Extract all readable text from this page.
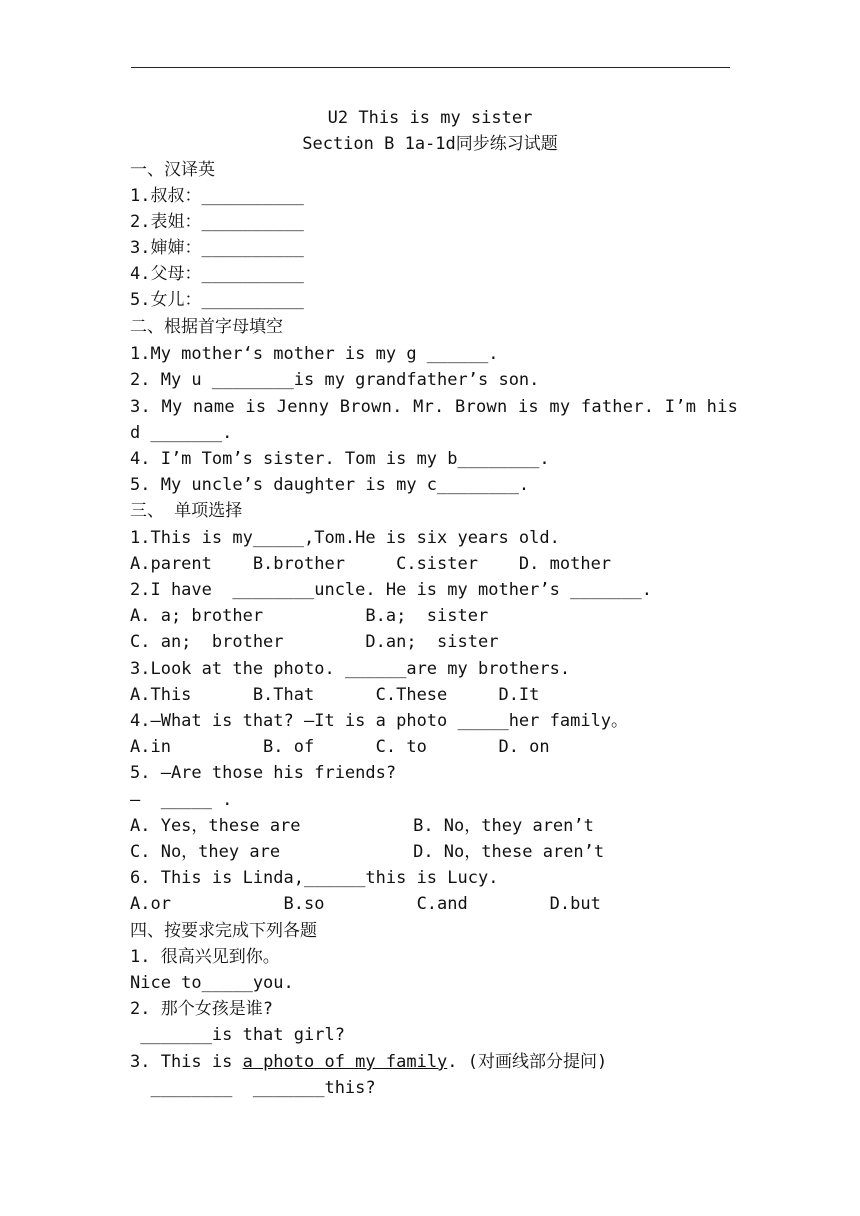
U2 This is my sister
Section B 1a-1d同步练习试题
一、汉译英
1.叔叔：__________
2.表姐：__________
3.婶婶：__________
4.父母：__________
5.女儿：__________
二、根据首字母填空
1.My mother‘s mother is my g ______.
2. My u ________is my grandfather’s son.
3. My name is Jenny Brown. Mr. Brown is my father. I’m his
d _______.
4. I’m Tom’s sister. Tom is my b________.
5. My uncle’s daughter is my c________.
三、 单项选择
1.This is my_____,Tom.He is six years old.
A.parent    B.brother     C.sister    D. mother
2.I have  ________uncle. He is my mother’s _______.
A. a; brother          B.a;  sister
C. an;  brother        D.an;  sister
3.Look at the photo. ______are my brothers.
A.This      B.That      C.These     D.It
4.—What is that? —It is a photo _____her family。
A.in         B. of      C. to       D. on
5. —Are those his friends?
—  _____ .
A. Yes，these are           B. No，they aren’t
C. No，they are             D. No，these aren’t
6. This is Linda,______this is Lucy.
A.or           B.so         C.and        D.but
四、按要求完成下列各题
1. 很高兴见到你。
Nice to_____you.
2. 那个女孩是谁?
_______is that girl?
3. This is a photo of my family. (对画线部分提问)
________  _______this?
